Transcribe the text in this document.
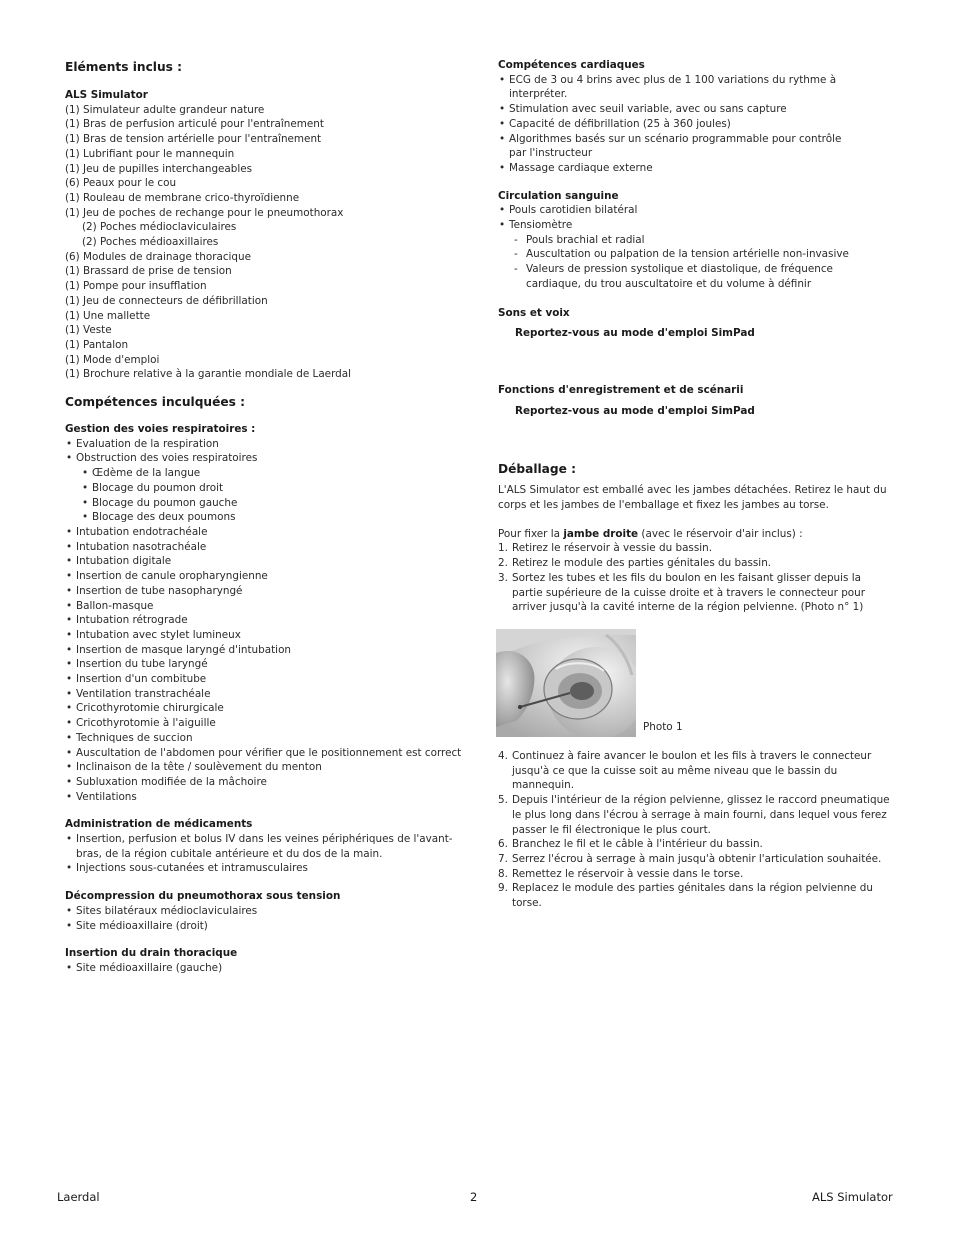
Eléments inclus :
ALS Simulator
(1) Simulateur adulte grandeur nature
(1) Bras de perfusion articulé pour l'entraînement
(1) Bras de tension artérielle pour l'entraînement
(1) Lubrifiant pour le mannequin
(1) Jeu de pupilles interchangeables
(6) Peaux pour le cou
(1) Rouleau de membrane crico-thyroïdienne
(1) Jeu de poches de rechange pour le pneumothorax
(2) Poches médioclaviculaires
(2) Poches médioaxillaires
(6) Modules de drainage thoracique
(1) Brassard de prise de tension
(1) Pompe pour insufflation
(1) Jeu de connecteurs de défibrillation
(1) Une mallette
(1) Veste
(1) Pantalon
(1) Mode d'emploi
(1) Brochure relative à la garantie mondiale de Laerdal
Compétences inculquées :
Gestion des voies respiratoires :
• Evaluation de la respiration
• Obstruction des voies respiratoires
• Œdème de la langue
• Blocage du poumon droit
• Blocage du poumon gauche
• Blocage des deux poumons
• Intubation endotrachéale
• Intubation nasotrachéale
• Intubation digitale
• Insertion de canule oropharyngienne
• Insertion de tube nasopharyngé
• Ballon-masque
• Intubation rétrograde
• Intubation avec stylet lumineux
• Insertion de masque laryngé d'intubation
• Insertion du tube laryngé
• Insertion d'un combitube
• Ventilation transtrachéale
• Cricothyrotomie chirurgicale
• Cricothyrotomie à l'aiguille
• Techniques de succion
• Auscultation de l'abdomen pour vérifier que le positionnement est correct
• Inclinaison de la tête / soulèvement du menton
• Subluxation modifiée de la mâchoire
• Ventilations
Administration de médicaments
• Insertion, perfusion et bolus IV dans les veines périphériques de l'avant-bras, de la région cubitale antérieure et du dos de la main.
• Injections sous-cutanées et intramusculaires
Décompression du pneumothorax sous tension
• Sites bilatéraux médioclaviculaires
• Site médioaxillaire (droit)
Insertion du drain thoracique
• Site médioaxillaire (gauche)
Compétences cardiaques
• ECG de 3 ou 4 brins avec plus de 1 100 variations du rythme à interpréter.
• Stimulation avec seuil variable, avec ou sans capture
• Capacité de défibrillation (25 à 360 joules)
• Algorithmes basés sur un scénario programmable pour contrôle par l'instructeur
• Massage cardiaque externe
Circulation sanguine
• Pouls carotidien bilatéral
• Tensiomètre
- Pouls brachial et radial
- Auscultation ou palpation de la tension artérielle non-invasive
- Valeurs de pression systolique et diastolique, de fréquence cardiaque, du trou auscultatoire et du volume à définir
Sons et voix

Reportez-vous au mode d'emploi SimPad

Fonctions d'enregistrement et de scénarii

Reportez-vous au mode d'emploi SimPad

Déballage :

L'ALS Simulator est emballé avec les jambes détachées. Retirez le haut du corps et les jambes de l'emballage et fixez les jambes au torse.

Pour fixer la jambe droite (avec le réservoir d'air inclus) :

1. Retirez le réservoir à vessie du bassin.
2. Retirez le module des parties génitales du bassin.
3. Sortez les tubes et les fils du boulon en les faisant glisser depuis la partie supérieure de la cuisse droite et à travers le connecteur pour arriver jusqu'à la cavité interne de la région pelvienne. (Photo n° 1)
Photo 1
4. Continuez à faire avancer le boulon et les fils à travers le connecteur jusqu'à ce que la cuisse soit au même niveau que le bassin du mannequin.
5. Depuis l'intérieur de la région pelvienne, glissez le raccord pneumatique le plus long dans l'écrou à serrage à main fourni, dans lequel vous ferez passer le fil électronique le plus court.
6. Branchez le fil et le câble à l'intérieur du bassin.
7. Serrez l'écrou à serrage à main jusqu'à obtenir l'articulation souhaitée.
8. Remettez le réservoir à vessie dans le torse.
9. Replacez le module des parties génitales dans la région pelvienne du torse.
Laerdal	2	ALS Simulator
